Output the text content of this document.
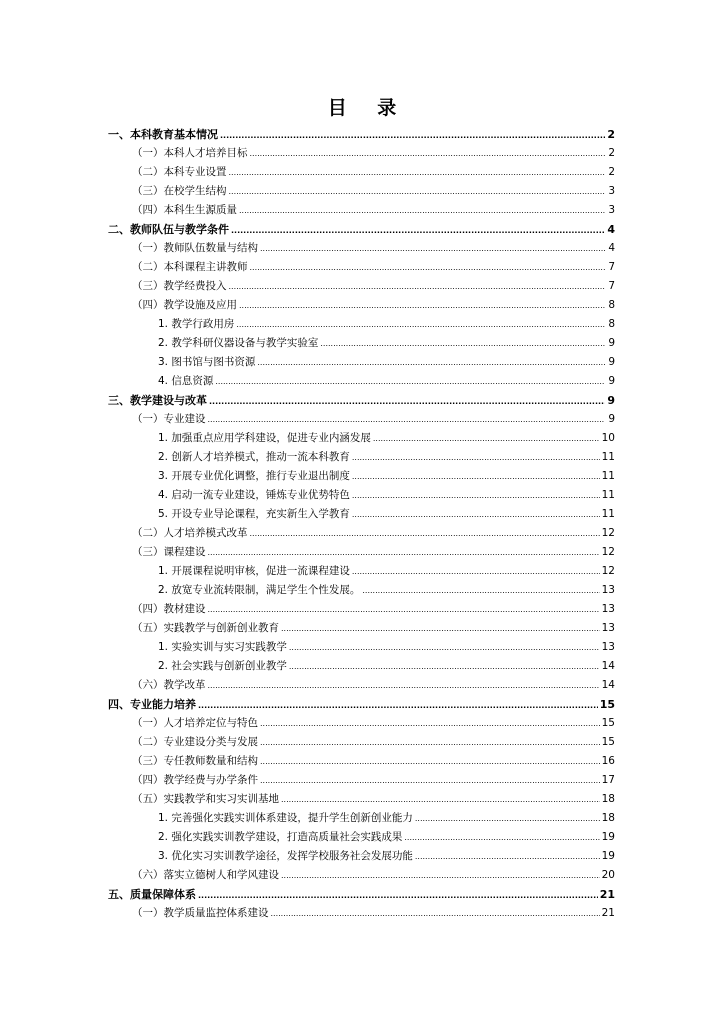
目 录
一、本科教育基本情况 .....	2
（一）本科人才培养目标 .....	2
（二）本科专业设置 .....	2
（三）在校学生结构 .....	3
（四）本科生生源质量 .....	3
二、教师队伍与教学条件 .....	4
（一）教师队伍数量与结构 .....	4
（二）本科课程主讲教师 .....	7
（三）教学经费投入 .....	7
（四）教学设施及应用 .....	8
1. 教学行政用房 .....	8
2. 教学科研仪器设备与教学实验室 .....	9
3. 图书馆与图书资源 .....	9
4. 信息资源 .....	9
三、教学建设与改革 .....	9
（一）专业建设 .....	9
1. 加强重点应用学科建设，促进专业内涵发展 .....	10
2. 创新人才培养模式，推动一流本科教育 .....	11
3. 开展专业优化调整，推行专业退出制度 .....	11
4. 启动一流专业建设，锤炼专业优势特色 .....	11
5. 开设专业导论课程，充实新生入学教育 .....	11
（二）人才培养模式改革 .....	12
（三）课程建设 .....	12
1. 开展课程说明审核，促进一流课程建设 .....	12
2. 放宽专业流转限制，满足学生个性发展。 .....	13
（四）教材建设 .....	13
（五）实践教学与创新创业教育 .....	13
1. 实验实训与实习实践教学 .....	13
2. 社会实践与创新创业教学 .....	14
（六）教学改革 .....	14
四、专业能力培养 .....	15
（一）人才培养定位与特色 .....	15
（二）专业建设分类与发展 .....	15
（三）专任教师数量和结构 .....	16
（四）教学经费与办学条件 .....	17
（五）实践教学和实习实训基地 .....	18
1. 完善强化实践实训体系建设，提升学生创新创业能力 .....	18
2. 强化实践实训教学建设，打造高质量社会实践成果 .....	19
3. 优化实习实训教学途径，发挥学校服务社会发展功能 .....	19
（六）落实立德树人和学风建设 .....	20
五、质量保障体系 .....	21
（一）教学质量监控体系建设 .....	21
